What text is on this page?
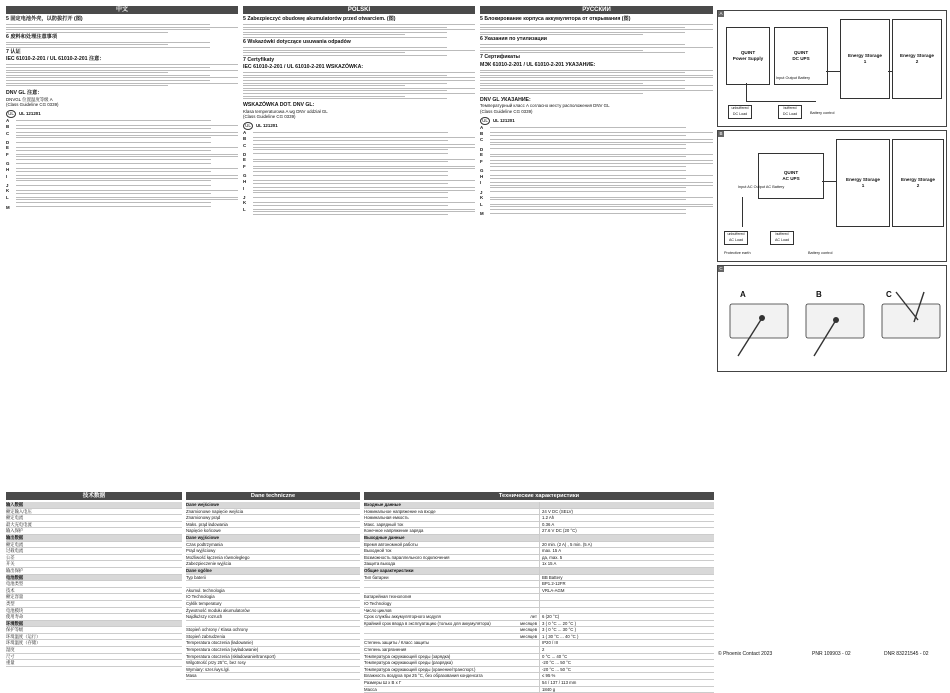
中文
5 固定电池外壳，以防拔打开 (图)
6 废料和处理注意事项
7 认证
IEC 61010-2-201 / UL 61010-2-201 注意：
DNV GL 注意：
DNVGL 位置温度等级 A
(Class Guideline CG 0339)
UL UL 121201
A
B
C
D
E
F
G
H
I
J
K
L
M
POLSKI
5 Zabezpieczyć obudowę akumulatorów przed otwarciem. (图)
6 Wskazówki dotyczące usuwania odpadów
7 Certyfikaty
IEC 61010-2-201 / UL 61010-2-201 WSKAZÓWKA:
WSKAZÓWKA DOT. DNV GL:
Klasa temperaturowa A wg DNV oddział GL
(Class Guideline CG 0339)
UL UL 121201
A
B
C
D
E
F
G
H
I
J
K
L
РУССКИЙ
5 Блокирование корпуса аккумулятора от открывания (图)
6 Указания по утилизации
7 Сертификаты
МЭК 61010-2-201 / UL 61010-2-201 УКАЗАНИЕ:
DNV GL УКАЗАНИЕ:
Температурный класс A согласно месту расположения DNV GL
(Class Guideline CG 0339)
UL UL 121201
A
B
C
D
E
F
G
H
I
J
K
L
M
A
QUINT
Power Supply
QUINT
DC UPS
Energy Storage
1
Energy Storage
2
Input Output Battery
unbuffered
DC Load
buffered
DC Load	Battery control
B
QUINT
AC UPS	Energy Storage
1
Energy Storage
2
Input AC Output AC Battery
unbuffered
AC Load
buffered
AC Load
Protective earth	Battery control
C
A	B	C
技术数据
输入数据
额定输入电压
额定电流
最大充电电流
输入保护
输出数据
额定电流
过载电流
公差
开关
输出保护
电池数据
电池类型
技术
额定容量
类型
电池模块
使用寿命
环境数据
保护等级
环境温度（运行）
环境温度（存储）
湿度
尺寸
重量
Dane techniczne
Dane wejściowe
Znamionowe napięcie wejścia
Znamionowy prąd
Maks. prąd ładowania
Napięcie końcowe
Dane wyjściowe
Czas podtrzymania
Prąd wyjściowy
Możliwość łączenia równoległego
Zabezpieczenie wyjścia
Dane ogólne
Typ baterii
Akumul. technologia
IO Technologia
Cyklik temperatury
Żywotność modułu akumulatorów
Najdłuższy rozruch
Stopień ochrony / Klasa ochrony
Stopień zabrudzenia
Temperatura otoczenia (ładowanie)
Temperatura otoczenia (wyładowanie)
Temperatura otoczenia (składowanie/transport)
Wilgotność przy 25°C, bez rosy
Wymiary: szer./wys./gł.
Masa
Технические характеристики
Входные данные
Номинальное напряжение на входе	24 V DC (SELV)
Номинальная емкость	1.2 Ah
Макс. зарядный ток	0.36 A
Конечное напряжение заряда	27.6 V DC (20 °C)
Выходные данные
Время автономной работы	20 min. (2 A) , 5 min. (5 A)
Выходной ток	max. 15 A
Возможность параллельного подключения	да, max. 5
Защита выхода	1x 15 A
Общие характеристики
Тип батареи	BB Battery
BP1.2-12FR
VRLA-AGM
Батарейная технология
IO Technology
Число циклов
Срок службы аккумуляторного модуля	лет	6 (20 °C)
Крайний срок ввода в эксплуатацию (только для аккумулятора)	месяцев	3 ( 0 °C ... 20 °C )
месяцев	3 ( 0 °C ... 30 °C )
месяцев	1 ( 30 °C ... 40 °C )
Степень защиты / Класс защиты	IP20 / III
Степень загрязнения	2
Температура окружающей среды (зарядка)	0 °C ... 40 °C
Температура окружающей среды (разрядка)	-20 °C ... 50 °C
Температура окружающей среды (хранение/транспорт.)	-20 °C ... 50 °C
Влажность воздуха при 25 °C, без образования конденсата	≤ 95 %
Размеры Ш x В x Г	54 / 137 / 113 mm
Масса	1840 g
© Phoenix Contact 2023	PNR 109903 - 02	DNR 83221545 - 02
